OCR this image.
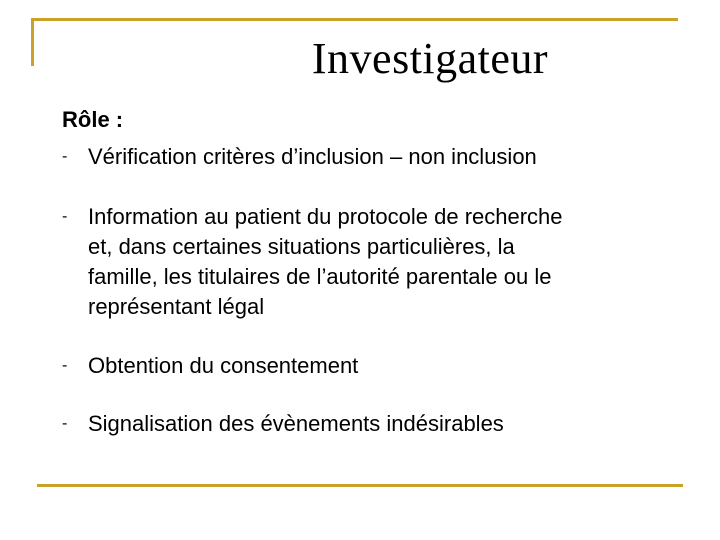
Investigateur
Rôle :
- Vérification critères d’inclusion – non inclusion
- Information au patient du protocole de recherche
et, dans certaines situations particulières, la
famille, les titulaires de l’autorité parentale ou le
représentant légal
- Obtention du consentement
- Signalisation des évènements indésirables
